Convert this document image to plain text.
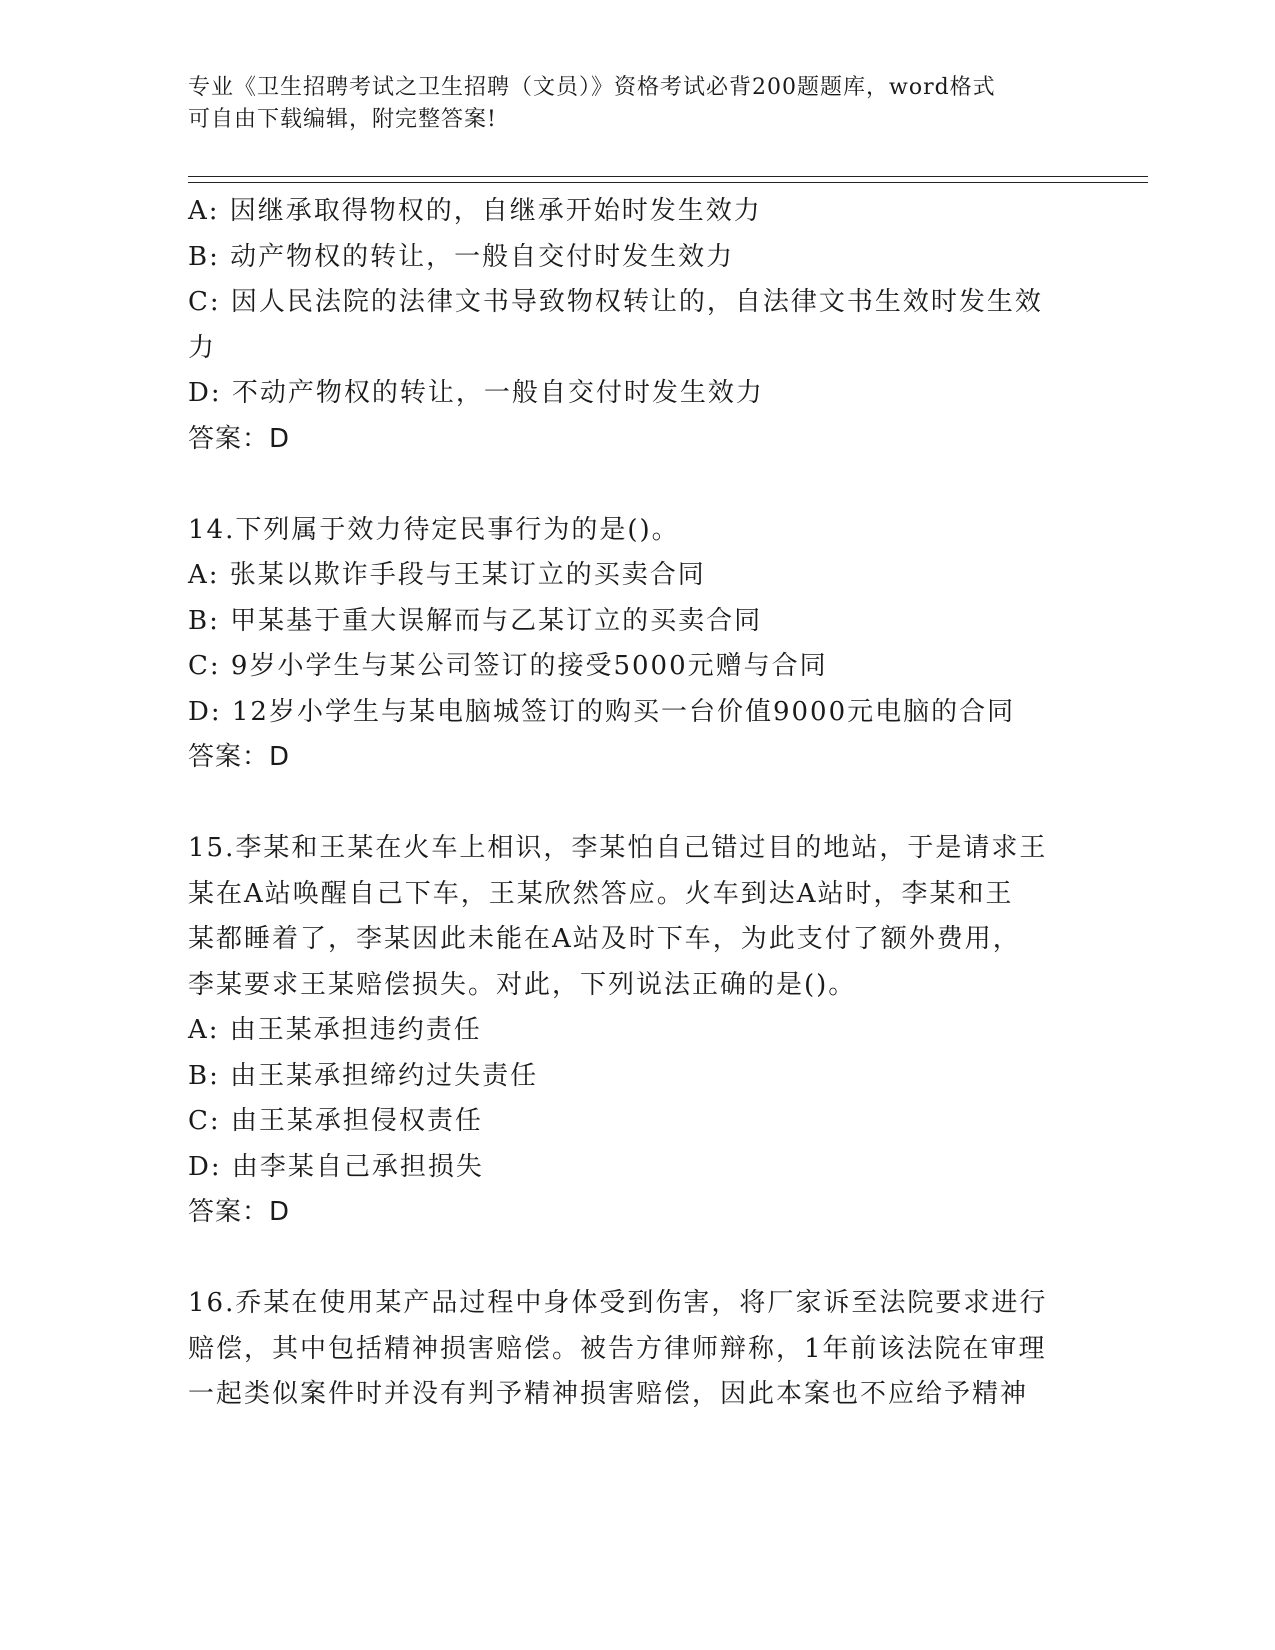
专业《卫生招聘考试之卫生招聘（文员）》资格考试必背200题题库，word格式
可自由下载编辑，附完整答案!
A: 因继承取得物权的，自继承开始时发生效力
B: 动产物权的转让，一般自交付时发生效力
C: 因人民法院的法律文书导致物权转让的，自法律文书生效时发生效
力
D: 不动产物权的转让，一般自交付时发生效力
答案：D
14.下列属于效力待定民事行为的是()。
A: 张某以欺诈手段与王某订立的买卖合同
B: 甲某基于重大误解而与乙某订立的买卖合同
C: 9岁小学生与某公司签订的接受5000元赠与合同
D: 12岁小学生与某电脑城签订的购买一台价值9000元电脑的合同
答案：D
15.李某和王某在火车上相识，李某怕自己错过目的地站，于是请求王
某在A站唤醒自己下车，王某欣然答应。火车到达A站时，李某和王
某都睡着了，李某因此未能在A站及时下车，为此支付了额外费用，
李某要求王某赔偿损失。对此，下列说法正确的是()。
A: 由王某承担违约责任
B: 由王某承担缔约过失责任
C: 由王某承担侵权责任
D: 由李某自己承担损失
答案：D
16.乔某在使用某产品过程中身体受到伤害，将厂家诉至法院要求进行
赔偿，其中包括精神损害赔偿。被告方律师辩称，1年前该法院在审理
一起类似案件时并没有判予精神损害赔偿，因此本案也不应给予精神
